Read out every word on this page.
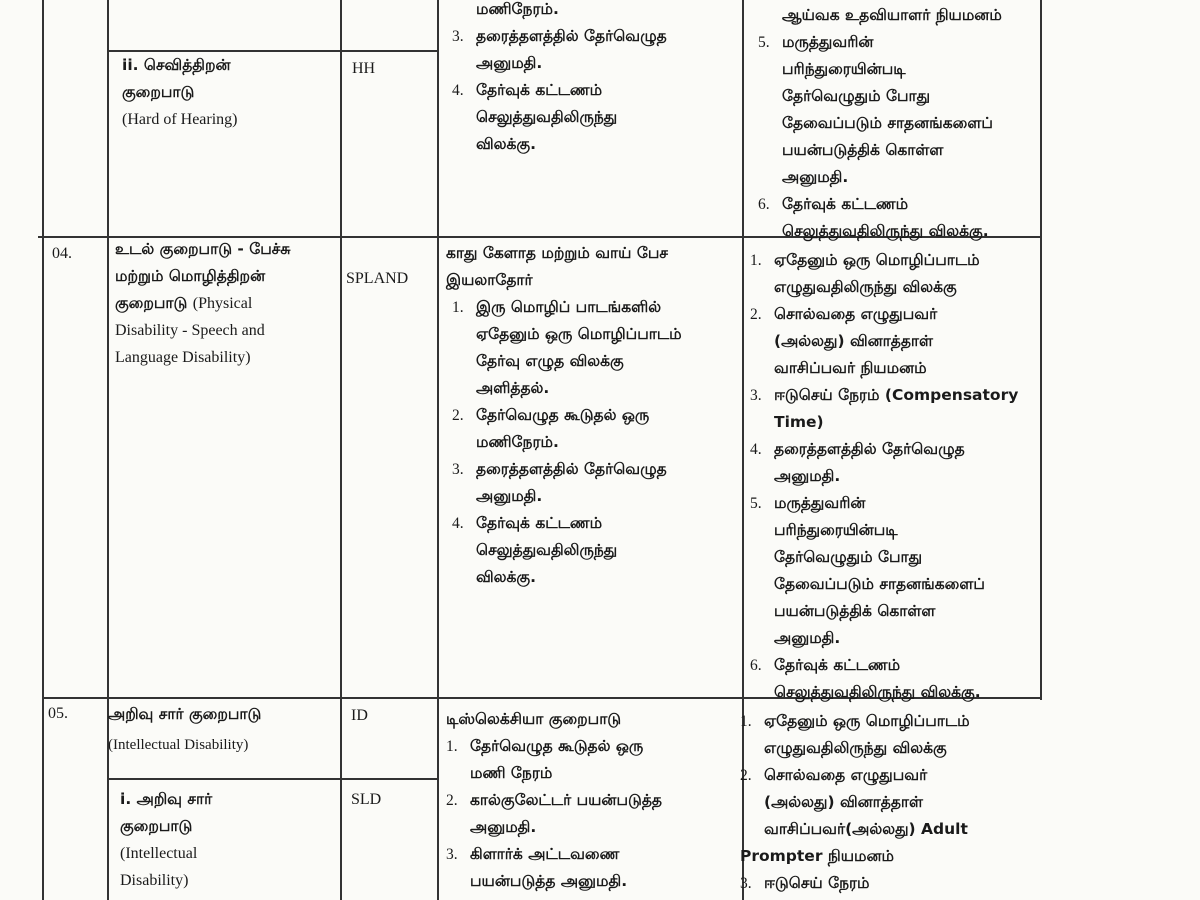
ii. செவித்திறன்
குறைபாடு

(Hard of Hearing)

HH

மணிநேரம்.

3. தரைத்தளத்தில் தேர்வெழுத
அனுமதி.
4. தேர்வுக் கட்டணம்
செலுத்துவதிலிருந்து
விலக்கு.

ஆய்வக உதவியாளர் நியமனம்

5. மருத்துவரின்
பரிந்துரையின்படி
தேர்வெழுதும் போது
தேவைப்படும் சாதனங்களைப்
பயன்படுத்திக் கொள்ள
அனுமதி.
6. தேர்வுக் கட்டணம்
செலுத்துவதிலிருந்து விலக்கு.
04.	உடல் குறைபாடு - பேச்சு
மற்றும் மொழித்திறன்
குறைபாடு (Physical
Disability - Speech and
Language Disability)
SPLAND

காது கேளாத மற்றும் வாய் பேச
இயலாதோர்

1. இரு மொழிப் பாடங்களில்
ஏதேனும் ஒரு மொழிப்பாடம்
தேர்வு எழுத விலக்கு
அளித்தல்.
2. தேர்வெழுத கூடுதல் ஒரு
மணிநேரம்.
3. தரைத்தளத்தில் தேர்வெழுத
அனுமதி.
4. தேர்வுக் கட்டணம்
செலுத்துவதிலிருந்து
விலக்கு.
1. ஏதேனும் ஒரு மொழிப்பாடம்
எழுதுவதிலிருந்து விலக்கு
2. சொல்வதை எழுதுபவர்
(அல்லது) வினாத்தாள்
வாசிப்பவர் நியமனம்
3. ஈடுசெய் நேரம் (Compensatory
Time)
4. தரைத்தளத்தில் தேர்வெழுத
அனுமதி.
5. மருத்துவரின்
பரிந்துரையின்படி
தேர்வெழுதும் போது
தேவைப்படும் சாதனங்களைப்
பயன்படுத்திக் கொள்ள
அனுமதி.
6. தேர்வுக் கட்டணம்
செலுத்துவதிலிருந்து விலக்கு.
05.	அறிவு சார் குறைபாடு

(Intellectual Disability)

ID
i. அறிவு சார்
குறைபாடு
(Intellectual
Disability)
SLD

டிஸ்லெக்சியா குறைபாடு

1. தேர்வெழுத கூடுதல் ஒரு
மணி நேரம்
2. கால்குலேட்டர் பயன்படுத்த
அனுமதி.
3. கிளார்க் அட்டவணை
பயன்படுத்த அனுமதி.
1. ஏதேனும் ஒரு மொழிப்பாடம்
எழுதுவதிலிருந்து விலக்கு
2. சொல்வதை எழுதுபவர்
(அல்லது) வினாத்தாள்
வாசிப்பவர்(அல்லது) Adult

Prompter நியமனம்

3. ஈடுசெய் நேரம்
